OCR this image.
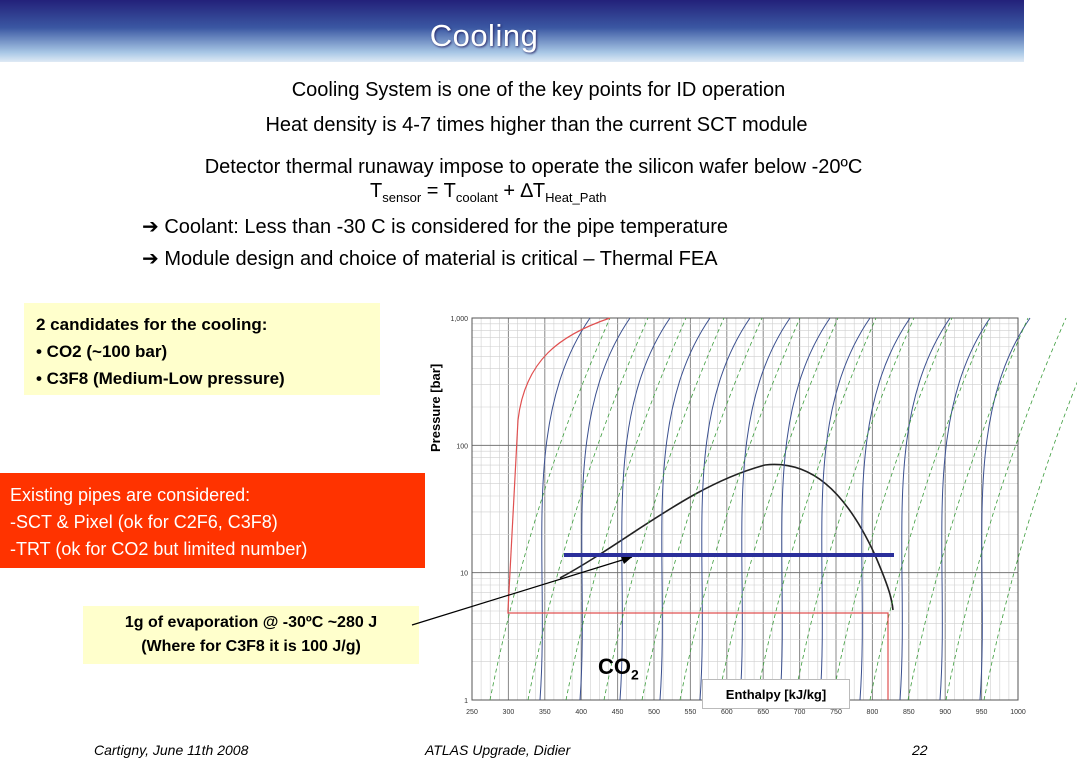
Cooling
Cooling System is one of the key points for ID operation
Heat density is 4-7 times higher than the current SCT module
Detector thermal runaway impose to operate the silicon wafer below -20ºC
$T_{sensor} = T_{coolant} + \Delta T_{Heat\_Path}$
➔ Coolant: Less than -30 C is considered for the pipe temperature
➔ Module design and choice of material is critical – Thermal FEA
2 candidates for the cooling:
• CO2 (~100 bar)
• C3F8 (Medium-Low pressure)
Existing pipes are considered:
-SCT & Pixel (ok for C2F6, C3F8)
-TRT (ok for CO2 but limited number)
1g of evaporation @ -30ºC ~280 J
(Where for C3F8 it is 100 J/g)
250	300	350	400	450	500	550	600	650	700	750	800	850	900	950	1000
1,000
100
10
1
Pressure [bar]
$CO_2$
Enthalpy [kJ/kg]
Cartigny, June 11th 2008	ATLAS Upgrade, Didier	22
